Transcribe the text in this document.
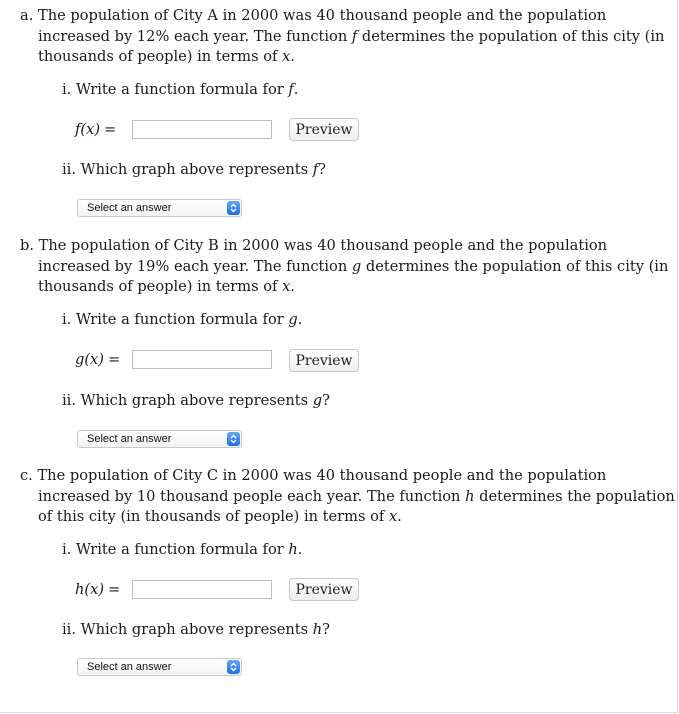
a. The population of City A in 2000 was 40 thousand people and the population increased by 12% each year. The function f determines the population of this city (in thousands of people) in terms of x.
i. Write a function formula for f.
f(x) =	Preview
ii. Which graph above represents f?
Select an answer
b. The population of City B in 2000 was 40 thousand people and the population increased by 19% each year. The function g determines the population of this city (in thousands of people) in terms of x.
i. Write a function formula for g.
g(x) =	Preview
ii. Which graph above represents g?
Select an answer
c. The population of City C in 2000 was 40 thousand people and the population increased by 10 thousand people each year. The function h determines the population of this city (in thousands of people) in terms of x.
i. Write a function formula for h.
h(x) =	Preview
ii. Which graph above represents h?
Select an answer
